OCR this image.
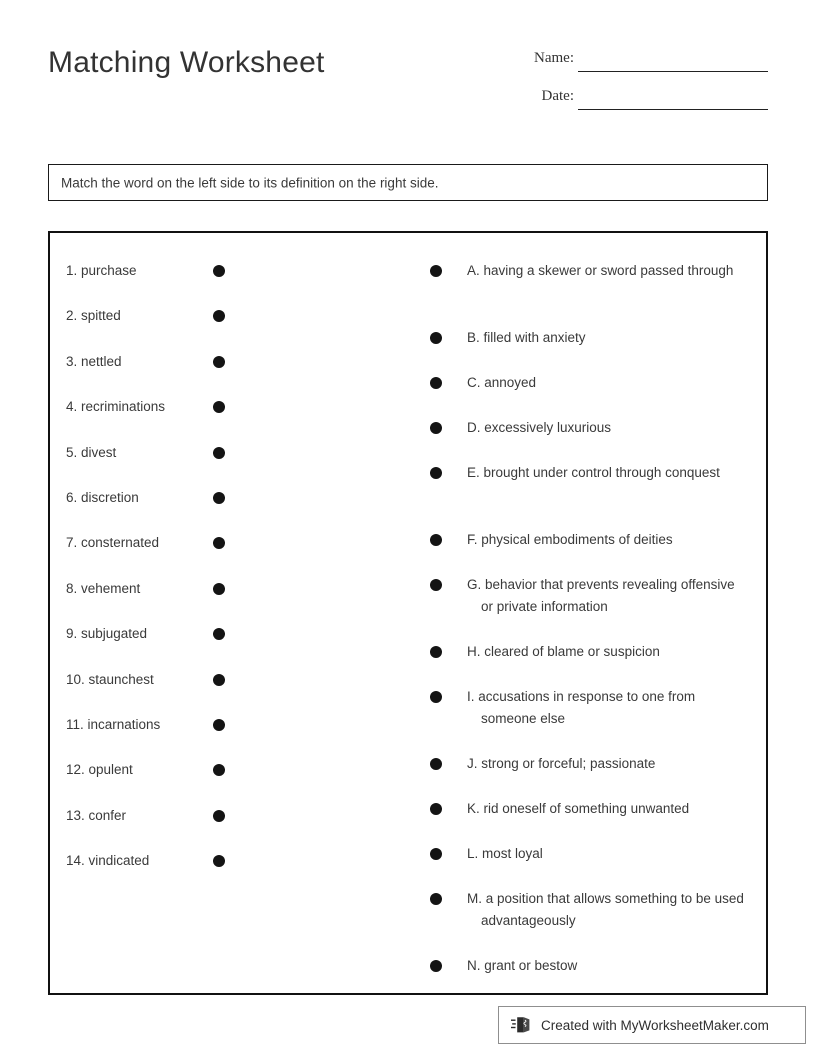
Matching Worksheet	Name:
Date:
Match the word on the left side to its definition on the right side.
1. purchase
2. spitted
3. nettled
4. recriminations
5. divest
6. discretion
7. consternated
8. vehement
9. subjugated
10. staunchest
11. incarnations
12. opulent
13. confer
14. vindicated
A. having a skewer or sword passed through
B. filled with anxiety
C. annoyed
D. excessively luxurious
E. brought under control through conquest
F. physical embodiments of deities
G. behavior that prevents revealing offensive or private information
H. cleared of blame or suspicion
I. accusations in response to one from someone else
J. strong or forceful; passionate
K. rid oneself of something unwanted
L. most loyal
M. a position that allows something to be used advantageously
N. grant or bestow
Created with MyWorksheetMaker.com
